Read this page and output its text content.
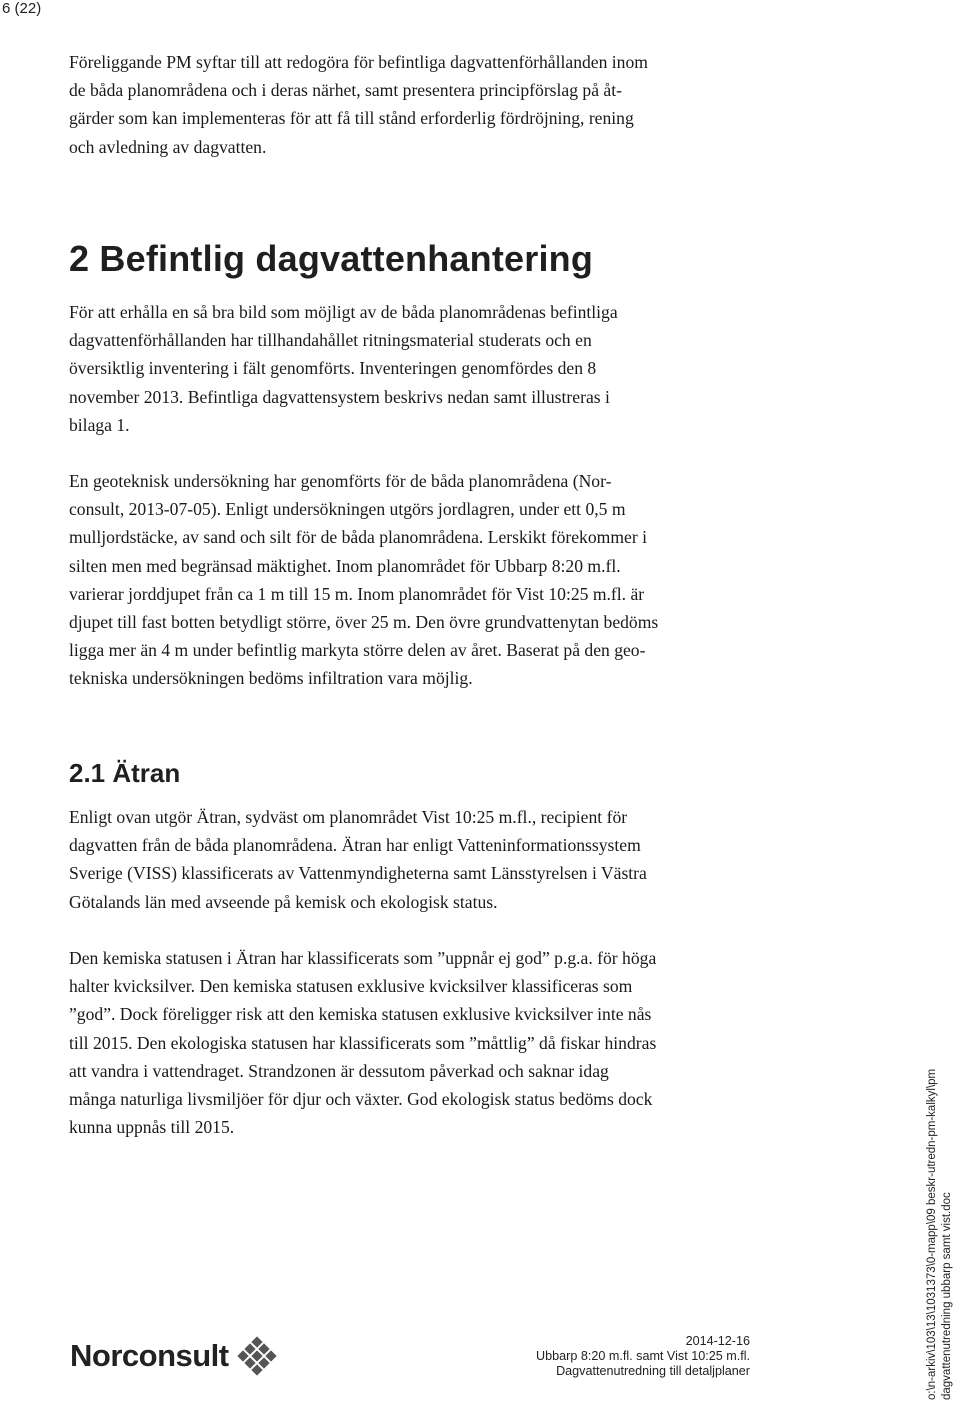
6 (22)

Föreliggande PM syftar till att redogöra för befintliga dagvattenförhållanden inom
de båda planområdena och i deras närhet, samt presentera principförslag på åt-
gärder som kan implementeras för att få till stånd erforderlig fördröjning, rening
och avledning av dagvatten.

2 Befintlig dagvattenhantering

För att erhålla en så bra bild som möjligt av de båda planområdenas befintliga
dagvattenförhållanden har tillhandahållet ritningsmaterial studerats och en
översiktlig inventering i fält genomförts. Inventeringen genomfördes den 8
november 2013. Befintliga dagvattensystem beskrivs nedan samt illustreras i
bilaga 1.

En geoteknisk undersökning har genomförts för de båda planområdena (Nor-
consult, 2013-07-05). Enligt undersökningen utgörs jordlagren, under ett 0,5 m
mulljordstäcke, av sand och silt för de båda planområdena. Lerskikt förekommer i
silten men med begränsad mäktighet. Inom planområdet för Ubbarp 8:20 m.fl.
varierar jorddjupet från ca 1 m till 15 m. Inom planområdet för Vist 10:25 m.fl. är
djupet till fast botten betydligt större, över 25 m. Den övre grundvattenytan bedöms
ligga mer än 4 m under befintlig markyta större delen av året. Baserat på den geo-
tekniska undersökningen bedöms infiltration vara möjlig.

2.1 Ätran

Enligt ovan utgör Ätran, sydväst om planområdet Vist 10:25 m.fl., recipient för
dagvatten från de båda planområdena. Ätran har enligt Vatteninformationssystem
Sverige (VISS) klassificerats av Vattenmyndigheterna samt Länsstyrelsen i Västra
Götalands län med avseende på kemisk och ekologisk status.

Den kemiska statusen i Ätran har klassificerats som ”uppnår ej god” p.g.a. för höga
halter kvicksilver. Den kemiska statusen exklusive kvicksilver klassificeras som
”god”. Dock föreligger risk att den kemiska statusen exklusive kvicksilver inte nås
till 2015. Den ekologiska statusen har klassificerats som ”måttlig” då fiskar hindras
att vandra i vattendraget. Strandzonen är dessutom påverkad och saknar idag
många naturliga livsmiljöer för djur och växter. God ekologisk status bedöms dock
kunna uppnås till 2015.

Norconsult	2014-12-16
Ubbarp 8:20 m.fl. samt Vist 10:25 m.fl.
Dagvattenutredning till detaljplaner	o:\n-arkiv\103\13\1031373\0-mapp\09 beskr-utredn-pm-kalkyl\pm dagvattenutredning ubbarp samt vist.doc
